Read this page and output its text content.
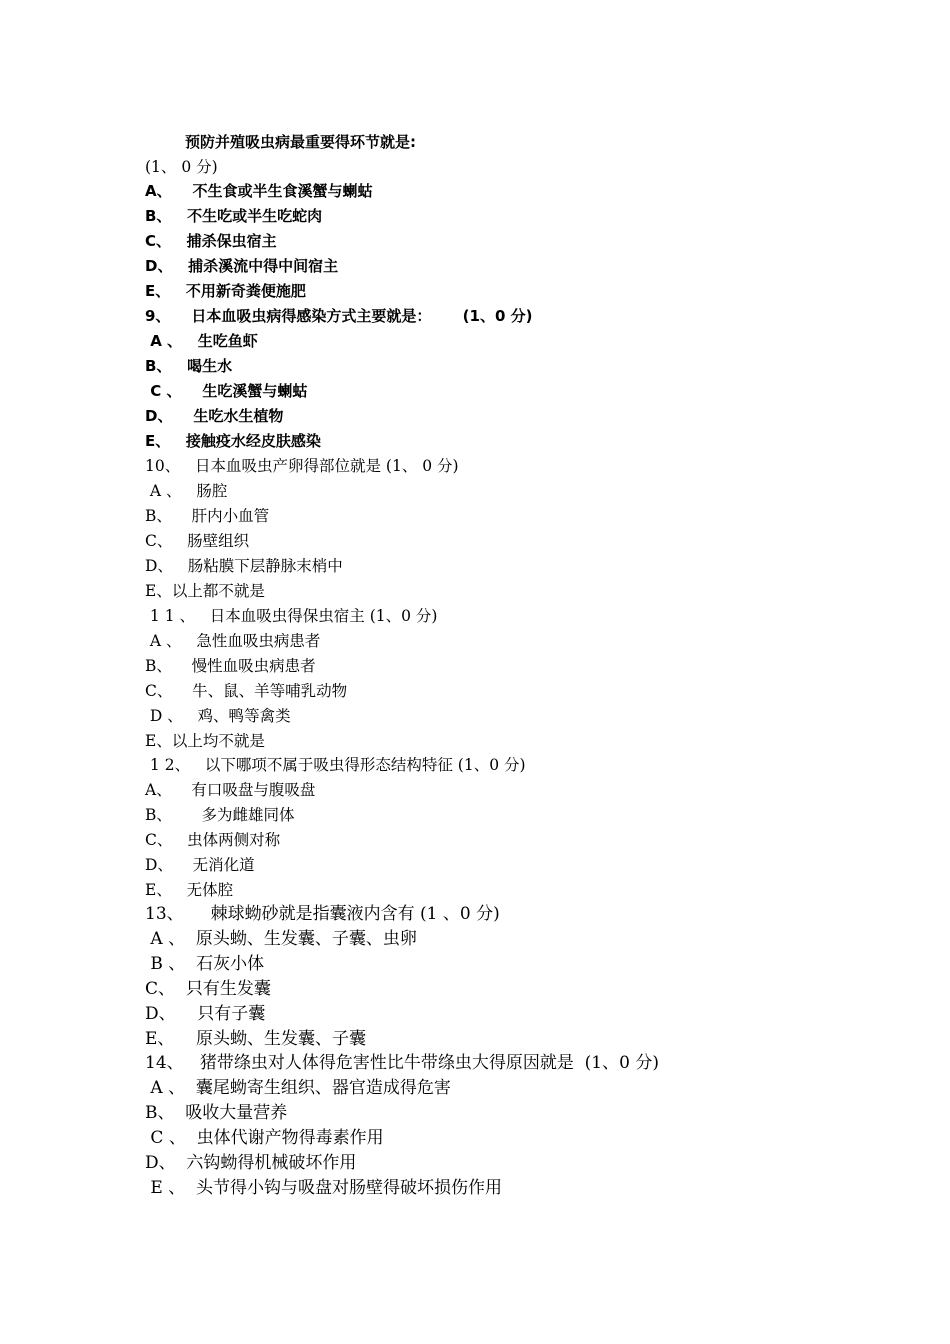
预防并殖吸虫病最重要得环节就是:
(1、 0 分)
A、    不生食或半生食溪蟹与蝲蛄
B、   不生吃或半生吃蛇肉
C、   捕杀保虫宿主
D、   捕杀溪流中得中间宿主
E、   不用新奇粪便施肥
9、    日本血吸虫病得感染方式主要就是：      (1、0 分)
A 、   生吃鱼虾
B、   喝生水
C 、    生吃溪蟹与蝲蛄
D、    生吃水生植物
E、   接触疫水经皮肤感染
10、   日本血吸虫产卵得部位就是 (1、 0 分)
A 、   肠腔
B、    肝内小血管
C、   肠壁组织
D、   肠粘膜下层静脉末梢中
E、以上都不就是
1 1 、   日本血吸虫得保虫宿主 (1、0 分)
A 、   急性血吸虫病患者
B、    慢性血吸虫病患者
C、    牛、鼠、羊等哺乳动物
D 、   鸡、鸭等禽类
E、以上均不就是
1 2、   以下哪项不属于吸虫得形态结构特征 (1、0 分)
A、    有口吸盘与腹吸盘
B、      多为雌雄同体
C、   虫体两侧对称
D、    无消化道
E、   无体腔
13、     棘球蚴砂就是指囊液内含有 (1 、0 分)
A 、  原头蚴、生发囊、子囊、虫卵
B 、  石灰小体
C、  只有生发囊
D、    只有子囊
E、    原头蚴、生发囊、子囊
14、   猪带绦虫对人体得危害性比牛带绦虫大得原因就是  (1、0 分)
A 、  囊尾蚴寄生组织、器官造成得危害
B、  吸收大量营养
C 、  虫体代谢产物得毒素作用
D、  六钩蚴得机械破坏作用
E 、  头节得小钩与吸盘对肠壁得破坏损伤作用
